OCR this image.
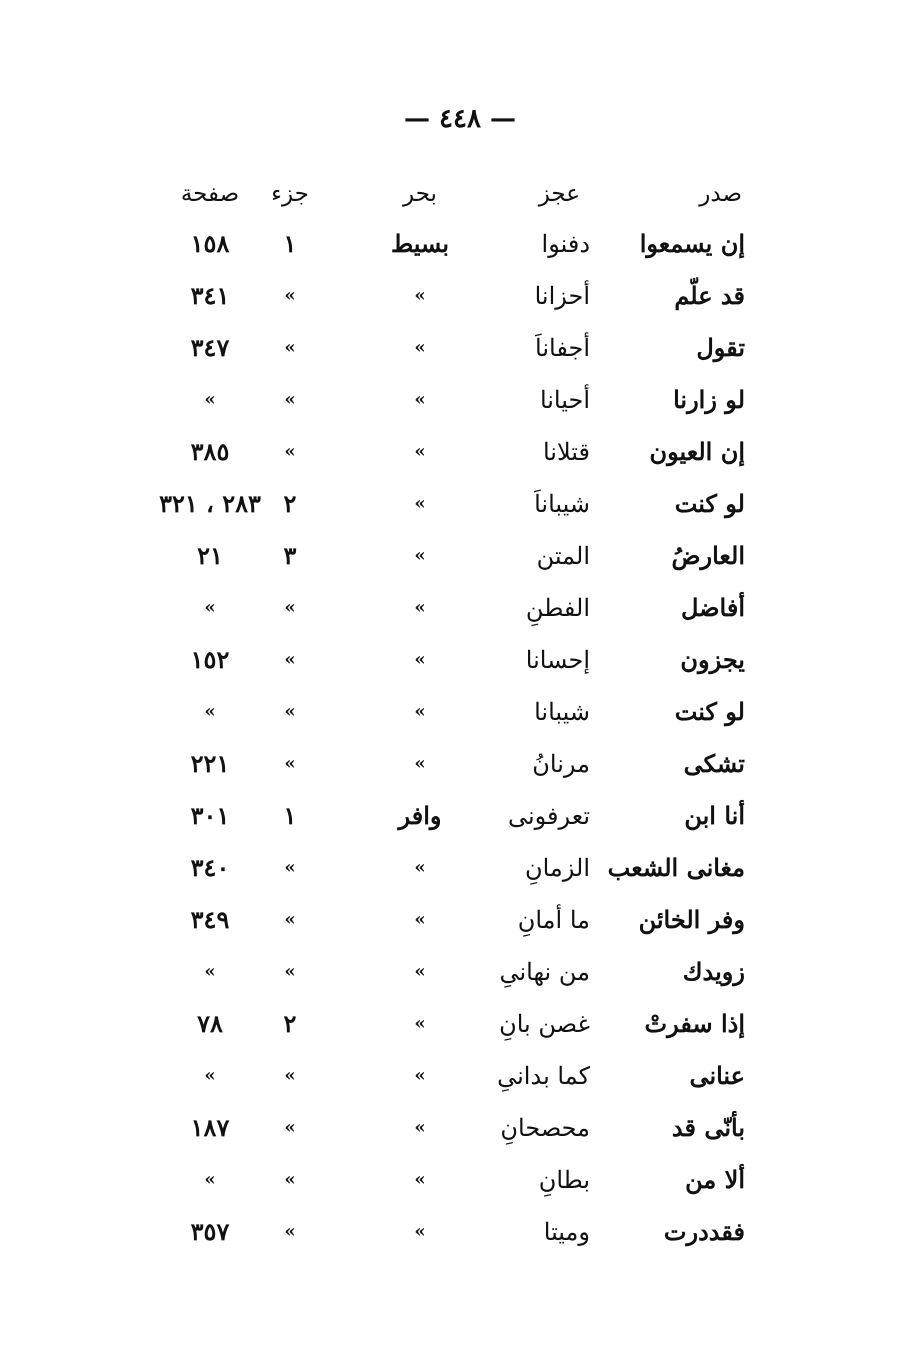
— ٤٤٨ —
صدر
عجز
بحر
جزء
صفحة
إن يسمعوا
دفنوا
بسيط
١
١٥٨
قد علّم
أحزانا
»
»
٣٤١
تقول
أجفاناَ
»
»
٣٤٧
لو زارنا
أحيانا
»
»
»
إن العيون
قتلانا
»
»
٣٨٥
لو كنت
شيباناَ
»
٢
٢٨٣ ، ٣٢١
العارضُ
المتن
»
٣
٢١
أفاضل
الفطنِ
»
»
»
يجزون
إحسانا
»
»
١٥٢
لو كنت
شيبانا
»
»
»
تشكى
مرنانُ
»
»
٢٢١
أنا ابن
تعرفونى
وافر
١
٣٠١
مغانى الشعب
الزمانِ
»
»
٣٤٠
وفر الخائن
ما أمانِ
»
»
٣٤٩
زويدك
من نهانىِ
»
»
»
إذا سفرتْ
غصن بانِ
»
٢
٧٨
عنانى
كما بدانىِ
»
»
»
بأنّى قد
محصحانِ
»
»
١٨٧
ألا من
بطانِ
»
»
»
فقددرت
وميتا
»
»
٣٥٧
